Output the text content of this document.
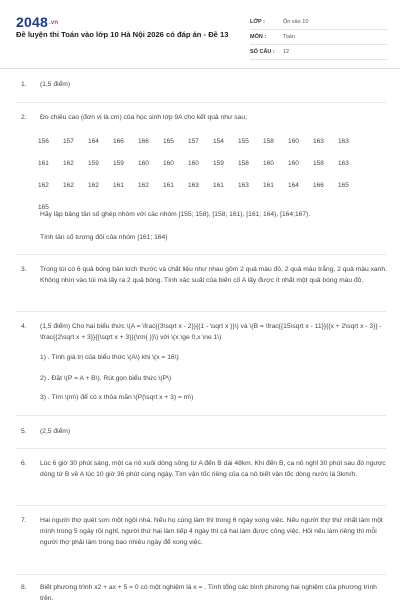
2048.vn
Đề luyện thi Toán vào lớp 10 Hà Nội 2026 có đáp án - Đề 13
LỚP :	Ôn vào 10
MÔN :	Toán
SỐ CÂU :	12
1. (1,5 điểm)
2. Đo chiều cao (đơn vị là cm) của học sinh lớp 9A cho kết quả như sau;
156	157	164	166	166	165	157	154	155	158	160	163	163
161	162	159	159	160	160	160	159	158	160	160	158	163
162	162	162	161	162	161	163	161	163	161	164	166	165
165												
Hãy lập bảng tần số ghép nhóm với các nhóm [155; 158), [158; 161), [161; 164), [164;167).
Tính tần số tương đối của nhóm [161; 164)
3. Trong túi có 6 quả bóng bàn kích thước và chất liệu như nhau gồm 2 quả màu đỏ, 2 quả màu trắng, 2 quả màu xanh. Không nhìn vào túi mà lấy ra 2 quả bóng. Tính xác suất của biến cố A lấy được ít nhất một quả bóng màu đỏ.
4. (1,5 điểm) Cho hai biểu thức \(A = \frac{{3\sqrt x - 2}}{{1 - \sqrt x }}\) và \(B = \frac{{15\sqrt x - 11}}{{x + 2\sqrt x - 3}} - \frac{{2\sqrt x + 3}}{{\sqrt x + 3}}{\rm{ }}\) với \(x \ge 0,x \ne 1\)
1) . Tính giá trị của biểu thức \(A\) khi \(x = 16\)
2) . Đặt \(P = A + B\). Rút gọn biểu thức \(P\)
3) . Tìm \(m\) để có x thỏa mãn \(P(\sqrt x + 3) = m\)
5. (2,5 điểm)
6. Lúc 6 giờ 30 phút sáng, một ca nô xuôi dòng sông từ A đến B dài 48km. Khi đến B, ca nô nghỉ 30 phút sau đó ngược dòng từ B về A lúc 10 giờ 36 phút cùng ngày. Tìm vận tốc riêng của ca nô biết vận tốc dòng nước là 3km/h.
7. Hai người thợ quét sơn một ngôi nhà. Nếu họ cùng làm thì trong 6 ngày xong việc. Nếu người thợ thứ nhất làm một mình trong 5 ngày rồi nghỉ, người thứ hai làm tiếp 4 ngày thì cả hai làm được công việc. Hỏi nếu làm riêng thì mỗi người thợ phải làm trong bao nhiêu ngày để xong việc.
8. Biết phương trình x2 + ax + 5 = 0 có một nghiệm là x = . Tính tổng các bình phương hai nghiệm của phương trình trên.
